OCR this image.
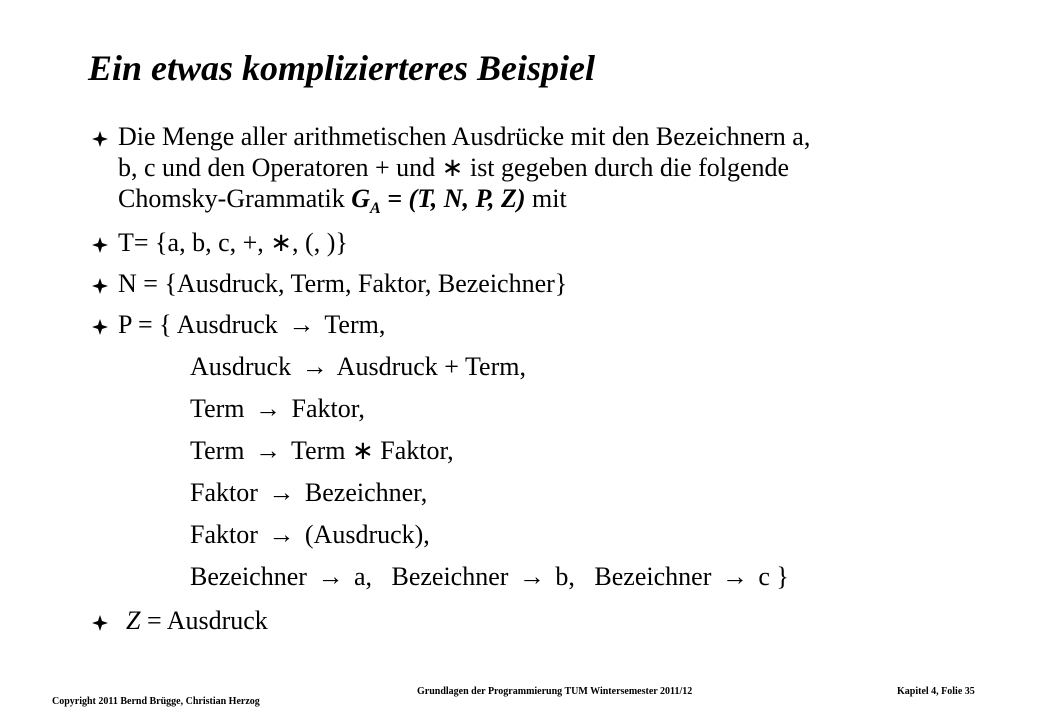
Ein etwas komplizierteres Beispiel
Die Menge aller arithmetischen Ausdrücke mit den Bezeichnern a,
b, c und den Operatoren + und ∗ ist gegeben durch die folgende
Chomsky-Grammatik $G_A = (T$, N, P, Z) mit
T= {a, b, c, +, ∗, (, )}
N = {Ausdruck, Term, Faktor, Bezeichner}
P = { Ausdruck → Term,
Ausdruck → Ausdruck + Term,
Term → Faktor,
Term → Term ∗ Faktor,
Faktor → Bezeichner,
Faktor → (Ausdruck),
Bezeichner → a, Bezeichner → b, Bezeichner → c }
Z = Ausdruck
Copyright 2011 Bernd Brügge, Christian Herzog
Grundlagen der Programmierung TUM Wintersemester 2011/12	Kapitel 4, Folie 35
